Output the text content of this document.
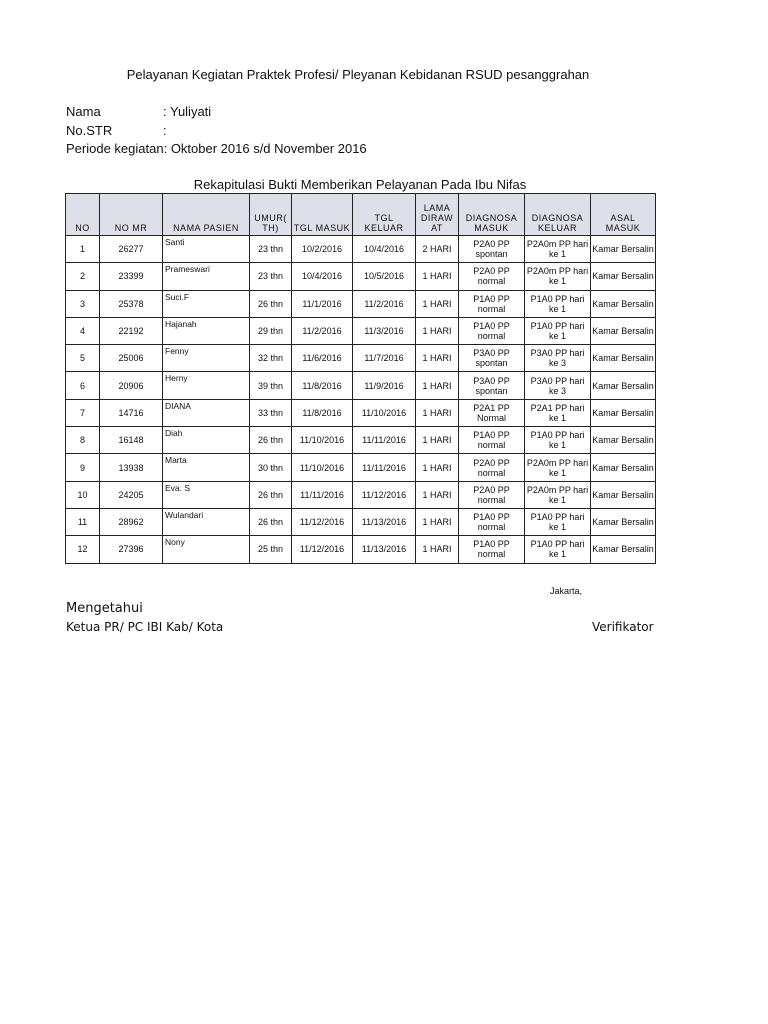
Pelayanan Kegiatan Praktek Profesi/ Pleyanan Kebidanan RSUD pesanggrahan
Nama	: Yuliyati
No.STR	:
Periode kegiatan: Oktober 2016 s/d November 2016
Rekapitulasi Bukti Memberikan Pelayanan Pada Ibu Nifas
NO	NO MR	NAMA PASIEN	UMUR( TH)	TGL MASUK	TGL KELUAR	LAMA DIRAW AT	DIAGNOSA MASUK	DIAGNOSA KELUAR	ASAL MASUK
1	26277	Santi	23 thn	10/2/2016	10/4/2016	2 HARI	P2A0 PP spontan	P2A0m PP hari ke 1	Kamar Bersalin
2	23399	Prameswari	23 thn	10/4/2016	10/5/2016	1 HARI	P2A0 PP normal	P2A0m PP hari ke 1	Kamar Bersalin
3	25378	Suci.F	26 thn	11/1/2016	11/2/2016	1 HARI	P1A0 PP normal	P1A0 PP hari ke 1	Kamar Bersalin
4	22192	Hajanah	29 thn	11/2/2016	11/3/2016	1 HARI	P1A0 PP normal	P1A0 PP hari ke 1	Kamar Bersalin
5	25006	Fenny	32 thn	11/6/2016	11/7/2016	1 HARI	P3A0 PP spontan	P3A0 PP hari ke 3	Kamar Bersalin
6	20906	Herny	39 thn	11/8/2016	11/9/2016	1 HARI	P3A0 PP spontan	P3A0 PP hari ke 3	Kamar Bersalin
7	14716	DIANA	33 thn	11/8/2016	11/10/2016	1 HARI	P2A1 PP Normal	P2A1 PP hari ke 1	Kamar Bersalin
8	16148	Diah	26 thn	11/10/2016	11/11/2016	1 HARI	P1A0 PP normal	P1A0 PP hari ke 1	Kamar Bersalin
9	13938	Marta	30 thn	11/10/2016	11/11/2016	1 HARI	P2A0 PP normal	P2A0m PP hari ke 1	Kamar Bersalin
10	24205	Eva. S	26 thn	11/11/2016	11/12/2016	1 HARI	P2A0 PP normal	P2A0m PP hari ke 1	Kamar Bersalin
11	28962	Wulandari	26 thn	11/12/2016	11/13/2016	1 HARI	P1A0 PP normal	P1A0 PP hari ke 1	Kamar Bersalin
12	27396	Nony	25 thn	11/12/2016	11/13/2016	1 HARI	P1A0 PP normal	P1A0 PP hari ke 1	Kamar Bersalin
Jakarta,
Mengetahui
Ketua PR/ PC IBI Kab/ Kota	Verifikator
